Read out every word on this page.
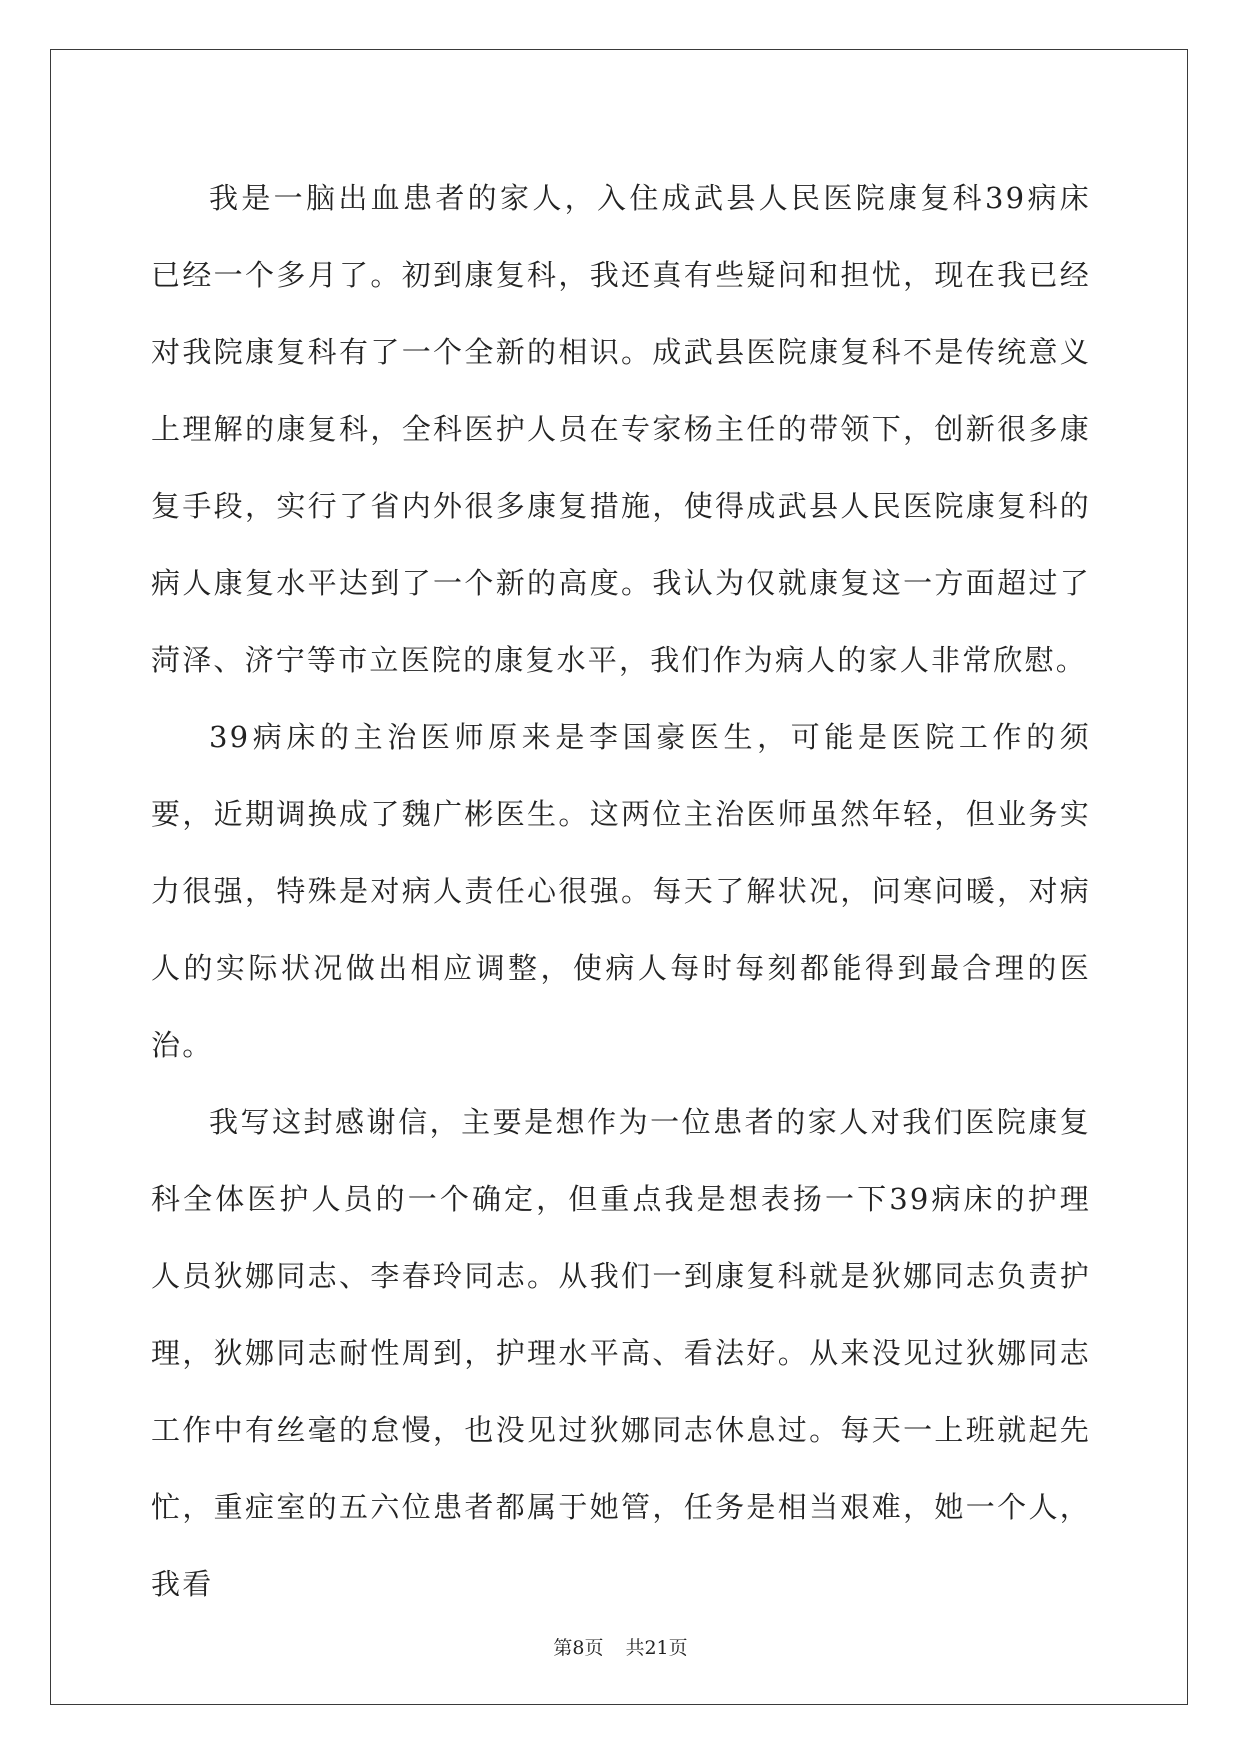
我是一脑出血患者的家人，入住成武县人民医院康复科39病床已经一个多月了。初到康复科，我还真有些疑问和担忧，现在我已经对我院康复科有了一个全新的相识。成武县医院康复科不是传统意义上理解的康复科，全科医护人员在专家杨主任的带领下，创新很多康复手段，实行了省内外很多康复措施，使得成武县人民医院康复科的病人康复水平达到了一个新的高度。我认为仅就康复这一方面超过了菏泽、济宁等市立医院的康复水平，我们作为病人的家人非常欣慰。

39病床的主治医师原来是李国豪医生，可能是医院工作的须要，近期调换成了魏广彬医生。这两位主治医师虽然年轻，但业务实力很强，特殊是对病人责任心很强。每天了解状况，问寒问暖，对病人的实际状况做出相应调整，使病人每时每刻都能得到最合理的医治。

我写这封感谢信，主要是想作为一位患者的家人对我们医院康复科全体医护人员的一个确定，但重点我是想表扬一下39病床的护理人员狄娜同志、李春玲同志。从我们一到康复科就是狄娜同志负责护理，狄娜同志耐性周到，护理水平高、看法好。从来没见过狄娜同志工作中有丝毫的怠慢，也没见过狄娜同志休息过。每天一上班就起先忙，重症室的五六位患者都属于她管，任务是相当艰难，她一个人，我看

第8页 共21页
